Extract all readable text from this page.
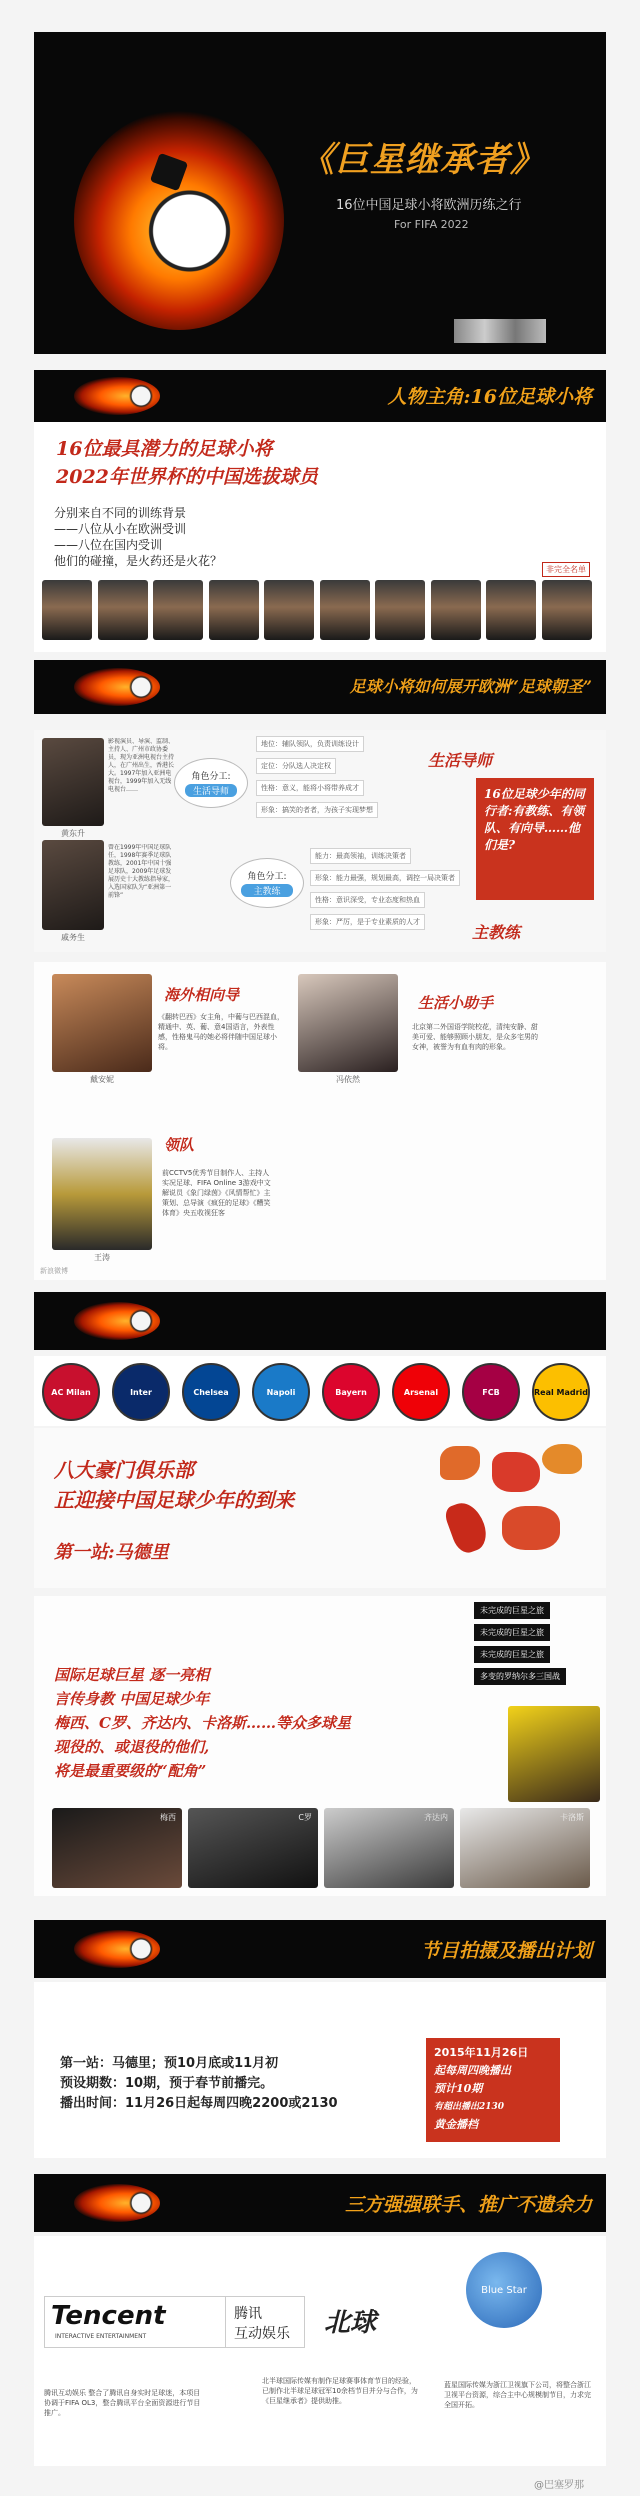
《巨星继承者》
16位中国足球小将欧洲历练之行
For FIFA 2022
人物主角:16位足球小将
16位最具潜力的足球小将
2022年世界杯的中国选拔球员
分别来自不同的训练背景
——八位从小在欧洲受训
——八位在国内受训
他们的碰撞，是火药还是火花？
非完全名单
足球小将如何展开欧洲“足球朝圣”
黄东升
影视演员、导演、监制、主持人、广州市政协委员，现为亚洲电视台主持人，在广州出生，香港长大。1997年加入亚洲电视台，1999年加入无线电视台……
角色分工:
生活导师
地位：辅队领队，负责训练设计
定位：分队选人决定权
性格：意义，能将小将带养成才
形象：搞笑的者者，为孩子实现梦想
生活导师
戚务生
曾在1999年中国足球队任，1998年赛季足球队教练，2001年中国十强足球队，2009年足球发展历史十大教练指导家，入选国家队为“亚洲第一前锋”
角色分工:
主教练
能力：最高领袖，训练决策者
形象：能力最强，规划最高，调控一局决策者
性格：意识深受，专业态度和热血
形象：严厉，是于专业素质的人才
主教练
16位足球少年的同行者:有教练、有领队、有向导……他们是?
戴安妮
海外相向导
《翻转巴西》女主角，中葡与巴西混血，精通中、英、葡、意4国语言，外表性感，性格鬼马的她必将伴随中国足球小将。
冯依然
生活小助手
北京第二外国语学院校花，清纯安静、甜美可爱、能够照顾小朋友，是众多宅男的女神，被誉为有血有肉的形象。
王涛
领队
前CCTV5优秀节目制作人、主持人实况足球、FIFA Online 3游戏中文解说员《象门绿茵》《风情帮忙》主策划、总导演《疯狂的足球》《糟笑体育》央五收视狂客
新浪微博
AC Milan	Inter	Chelsea	Napoli	Bayern	Arsenal	FCB	Real Madrid
八大豪门俱乐部
正迎接中国足球少年的到来
第一站:马德里
未完成的巨星之旅
未完成的巨星之旅
未完成的巨星之旅
多变的罗纳尔多三国战
国际足球巨星 逐一亮相
言传身教 中国足球少年
梅西、C罗、齐达内、卡洛斯……等众多球星
现役的、或退役的他们,
将是最重要级的“配角”
梅西	C罗	齐达内	卡洛斯
节目拍摄及播出计划
第一站：马德里；预10月底或11月初
预设期数：10期，预于春节前播完。
播出时间：11月26日起每周四晚2200或2130
2015年11月26日
起每周四晚播出
预计10期
有超出播出2130
黄金播档
三方强强联手、推广不遗余力
Tencent
INTERACTIVE ENTERTAINMENT
腾讯
互动娱乐 北球
Blue Star
腾讯互动娱乐 整合了腾讯自身实时足球迷，本项目协调于FIFA OL3，整合腾讯平台全面资源进行节目推广。
北半球国际传媒有制作足球赛事体育节目的经验，已制作北半球足球冠军10余档节目并分与合作，为《巨星继承者》提供助推。
蓝星国际传媒为浙江卫视旗下公司，将整合浙江卫视平台资源，综合主中心规模制节目，力求完全国开拓。
@巴塞罗那
